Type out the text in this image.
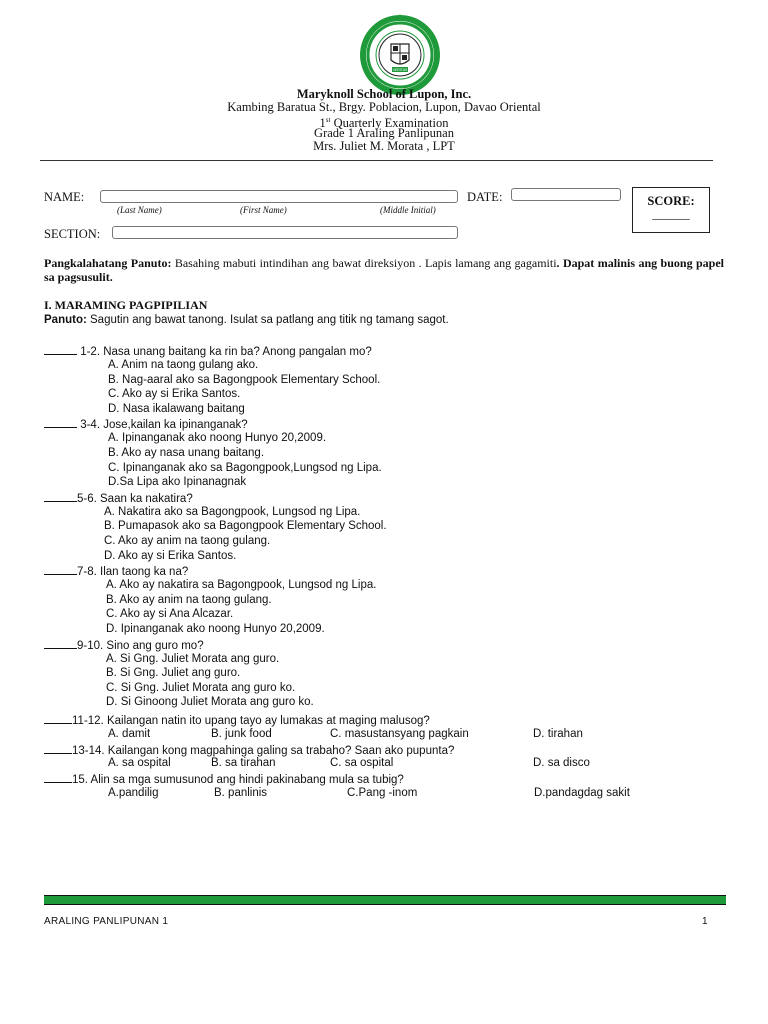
VERITAS
Maryknoll School of Lupon, Inc.
Kambing Baratua St., Brgy. Poblacion, Lupon, Davao Oriental
1st Quarterly Examination
Grade 1 Araling Panlipunan
Mrs. Juliet M. Morata , LPT
NAME:
(Last Name)	(First Name)	(Middle Initial)
DATE:
SECTION:
SCORE:
______
Pangkalahatang Panuto: Basahing mabuti intindihan ang bawat direksiyon . Lapis lamang ang gagamiti. Dapat malinis ang buong papel sa pagsusulit.
I. MARAMING PAGPIPILIAN
Panuto: Sagutin ang bawat tanong. Isulat sa patlang ang titik ng tamang sagot.
1-2. Nasa unang baitang ka rin ba? Anong pangalan mo?
A. Anim na taong gulang ako.
B. Nag-aaral ako sa Bagongpook Elementary School.
C. Ako ay si Erika Santos.
D. Nasa ikalawang baitang
3-4. Jose,kailan ka ipinanganak?
A. Ipinanganak ako noong Hunyo 20,2009.
B. Ako ay nasa unang baitang.
C. Ipinanganak ako sa Bagongpook,Lungsod ng Lipa.
D.Sa Lipa ako Ipinanagnak
5-6. Saan ka nakatira?
A. Nakatira ako sa Bagongpook, Lungsod ng Lipa.
B. Pumapasok ako sa Bagongpook Elementary School.
C. Ako ay anim na taong gulang.
D. Ako ay si Erika Santos.
7-8. Ilan taong ka na?
A. Ako ay nakatira sa Bagongpook, Lungsod ng Lipa.
B. Ako ay anim na taong gulang.
C. Ako ay si Ana Alcazar.
D. Ipinanganak ako noong Hunyo 20,2009.
9-10. Sino ang guro mo?
A. Si Gng. Juliet Morata ang guro.
B. Si Gng. Juliet ang guro.
C. Si Gng. Juliet Morata ang guro ko.
D. Si Ginoong Juliet Morata ang guro ko.
11-12. Kailangan natin ito upang tayo ay lumakas at maging malusog?
A. damit	B. junk food	C. masustansyang pagkain	D. tirahan
13-14. Kailangan kong magpahinga galing sa trabaho? Saan ako pupunta?
A. sa ospital	B. sa tirahan	C. sa ospital	D. sa disco
15. Alin sa mga sumusunod ang hindi pakinabang mula sa tubig?
A.pandilig	B. panlinis	C.Pang -inom	D.pandagdag sakit
ARALING PANLIPUNAN 1	1
